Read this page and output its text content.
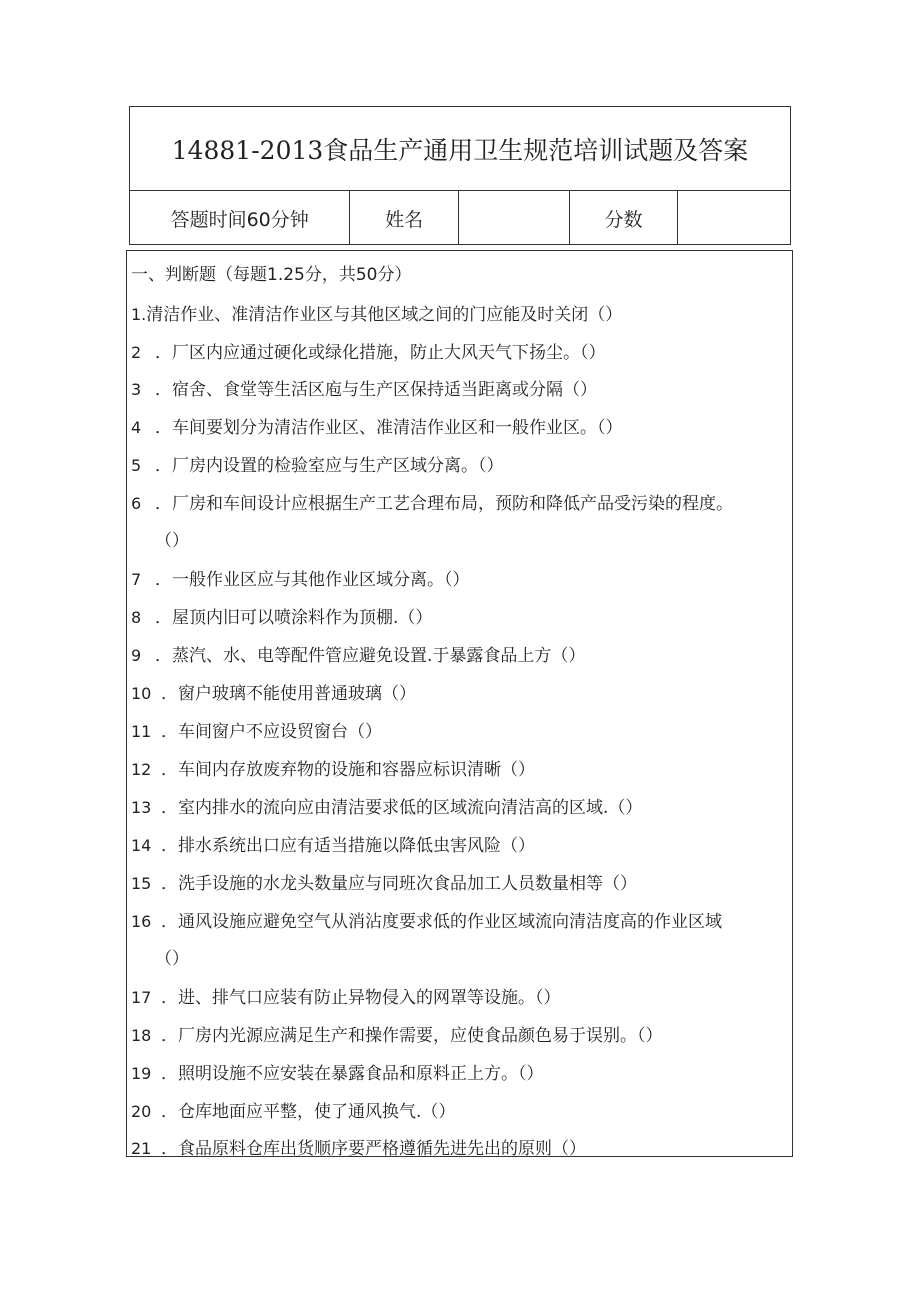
14881-2013食品生产通用卫生规范培训试题及答案
答题时间60分钟	姓名	分数
一、判断题（每题1.25分，共50分）
1.清洁作业、准清洁作业区与其他区域之间的门应能及时关闭（）
2 ．厂区内应通过硬化或绿化措施，防止大风天气下扬尘。（）
3 ．宿舍、食堂等生活区庖与生产区保持适当距离或分隔（）
4 ．车间要划分为清洁作业区、准清洁作业区和一般作业区。（）
5 ．厂房内设置的检验室应与生产区域分离。（）
6 ．厂房和车间设计应根据生产工艺合理布局，预防和降低产品受污染的程度。
（）
7 ．一般作业区应与其他作业区域分离。（）
8 ．屋顶内旧可以喷涂料作为顶棚.（）
9 ．蒸汽、水、电等配件管应避免设置.于暴露食品上方（）
10 ．窗户玻璃不能使用普通玻璃（）
11 ．车间窗户不应设贸窗台（）
12 ．车间内存放废弃物的设施和容器应标识清晰（）
13 ．室内排水的流向应由清洁要求低的区域流向清洁高的区域.（）
14 ．排水系统出口应有适当措施以降低虫害风险（）
15 ．洗手设施的水龙头数量应与同班次食品加工人员数量相等（）
16 ．通风设施应避免空气从消沾度要求低的作业区域流向清洁度高的作业区域
（）
17 ．进、排气口应装有防止异物侵入的网罩等设施。（）
18 ．厂房内光源应满足生产和操作需要，应使食品颜色易于误别。（）
19 ．照明设施不应安装在暴露食品和原料正上方。（）
20 ．仓库地面应平整，使了通风换气.（）
21 ．食品原料仓库出货顺序要严格遵循先进先出的原则（）
